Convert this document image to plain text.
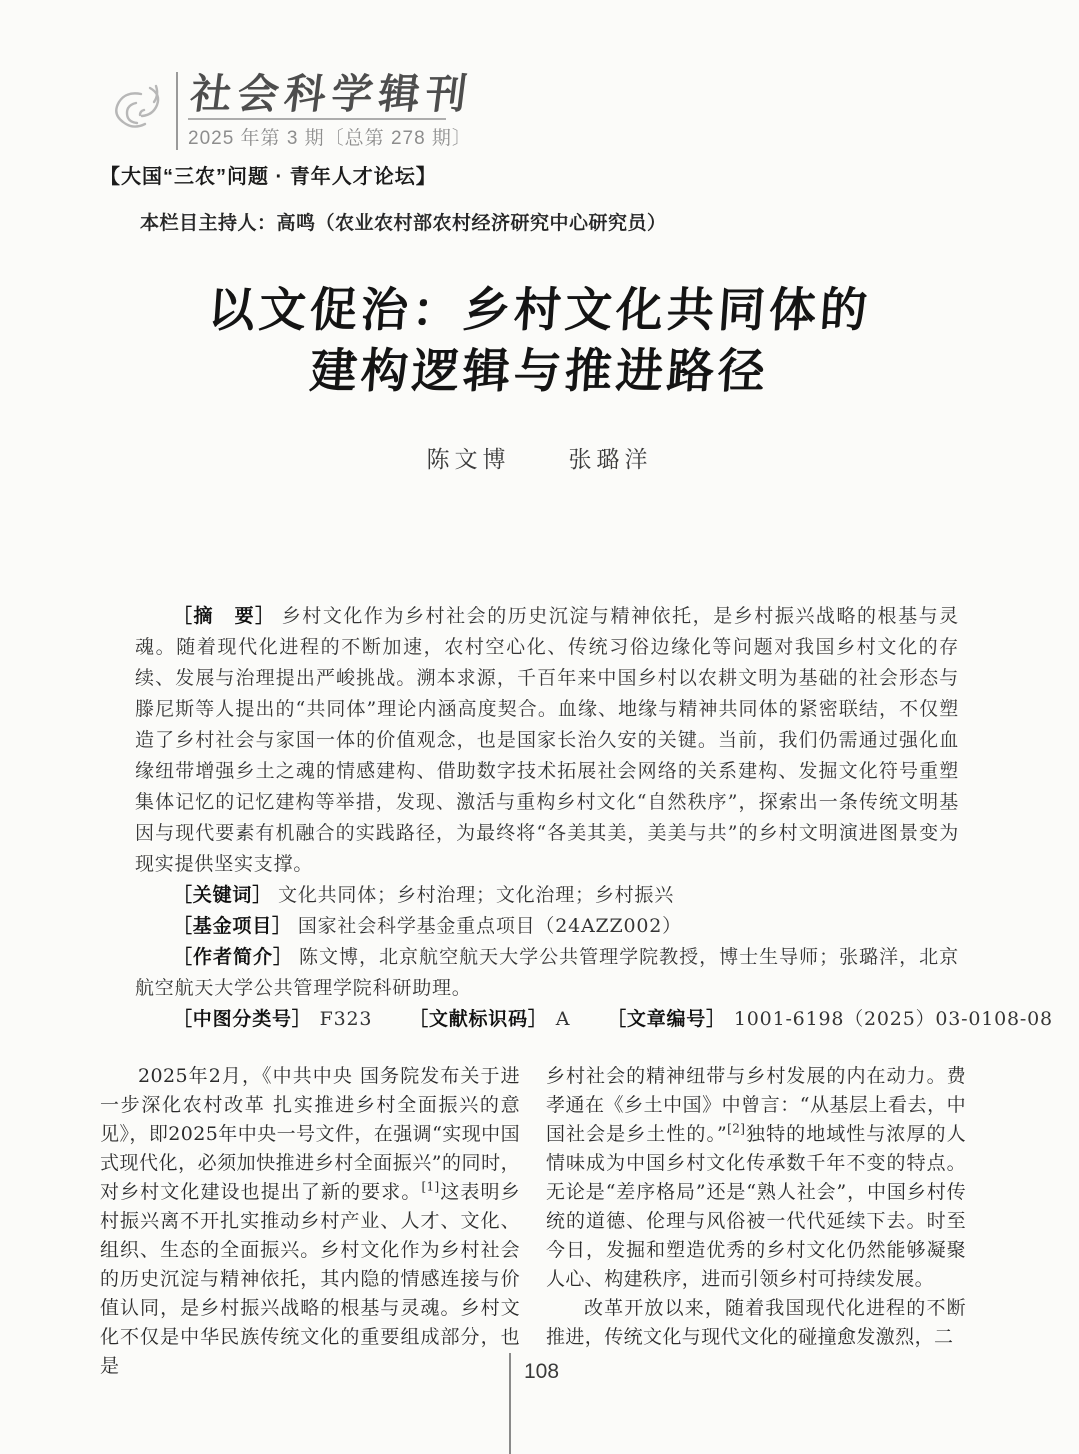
社会科学辑刊
2025 年第 3 期〔总第 278 期〕
【大国“三农”问题 · 青年人才论坛】
本栏目主持人：高鸣（农业农村部农村经济研究中心研究员）
以文促治：乡村文化共同体的
建构逻辑与推进路径
陈文博	张璐洋

［摘　要］ 乡村文化作为乡村社会的历史沉淀与精神依托，是乡村振兴战略的根基与灵魂。随着现代化进程的不断加速，农村空心化、传统习俗边缘化等问题对我国乡村文化的存续、发展与治理提出严峻挑战。溯本求源，千百年来中国乡村以农耕文明为基础的社会形态与滕尼斯等人提出的“共同体”理论内涵高度契合。血缘、地缘与精神共同体的紧密联结，不仅塑造了乡村社会与家国一体的价值观念，也是国家长治久安的关键。当前，我们仍需通过强化血缘纽带增强乡土之魂的情感建构、借助数字技术拓展社会网络的关系建构、发掘文化符号重塑集体记忆的记忆建构等举措，发现、激活与重构乡村文化“自然秩序”，探索出一条传统文明基因与现代要素有机融合的实践路径，为最终将“各美其美，美美与共”的乡村文明演进图景变为现实提供坚实支撑。

［关键词］ 文化共同体；乡村治理；文化治理；乡村振兴

［基金项目］ 国家社会科学基金重点项目（24AZZ002）

［作者简介］ 陈文博，北京航空航天大学公共管理学院教授，博士生导师；张璐洋，北京航空航天大学公共管理学院科研助理。

［中图分类号］ F323 ［文献标识码］ A ［文章编号］ 1001-6198（2025）03-0108-08

2025年2月，《中共中央 国务院发布关于进一步深化农村改革 扎实推进乡村全面振兴的意见》，即2025年中央一号文件，在强调“实现中国式现代化，必须加快推进乡村全面振兴”的同时，对乡村文化建设也提出了新的要求。[1]这表明乡村振兴离不开扎实推动乡村产业、人才、文化、组织、生态的全面振兴。乡村文化作为乡村社会的历史沉淀与精神依托，其内隐的情感连接与价值认同，是乡村振兴战略的根基与灵魂。乡村文化不仅是中华民族传统文化的重要组成部分，也是

乡村社会的精神纽带与乡村发展的内在动力。费孝通在《乡土中国》中曾言：“从基层上看去，中国社会是乡土性的。”[2]独特的地域性与浓厚的人情味成为中国乡村文化传承数千年不变的特点。无论是“差序格局”还是“熟人社会”，中国乡村传统的道德、伦理与风俗被一代代延续下去。时至今日，发掘和塑造优秀的乡村文化仍然能够凝聚人心、构建秩序，进而引领乡村可持续发展。

改革开放以来，随着我国现代化进程的不断推进，传统文化与现代文化的碰撞愈发激烈，二

108
